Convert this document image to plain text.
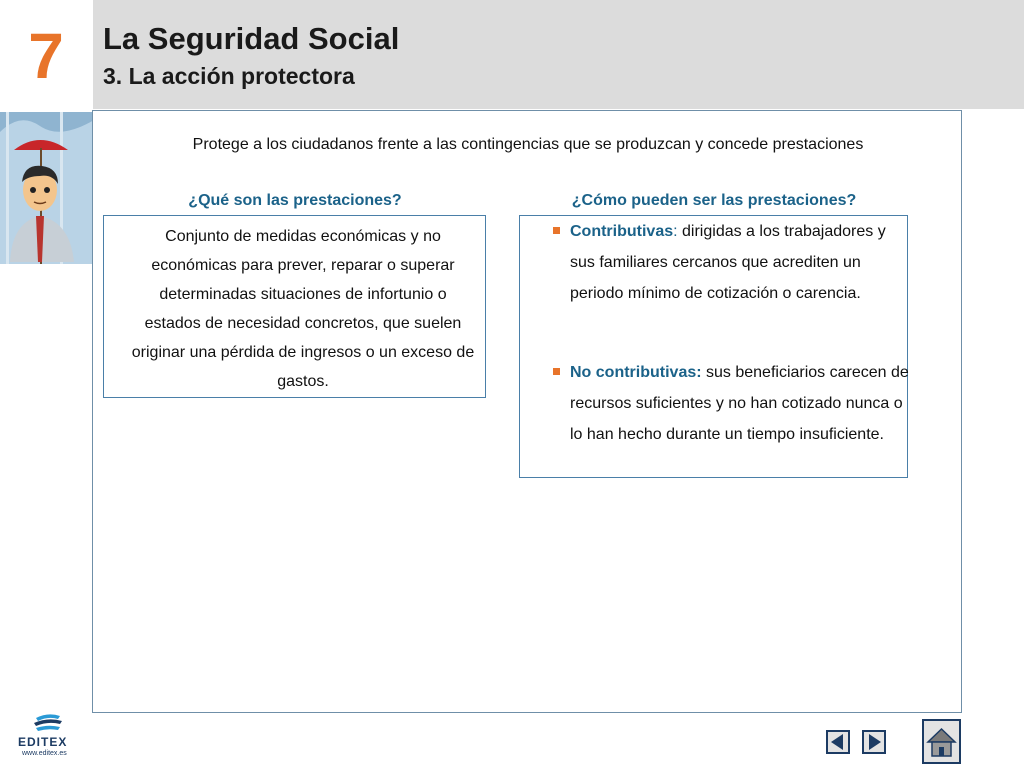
7	La Seguridad Social
3. La acción protectora
Protege a los ciudadanos frente a las contingencias que se produzcan y concede prestaciones
¿Qué son las prestaciones?	¿Cómo pueden ser las prestaciones?
Conjunto de medidas económicas y no económicas para prever, reparar o superar determinadas situaciones de infortunio o estados de necesidad concretos, que suelen originar una pérdida de ingresos o un exceso de gastos.
Contributivas: dirigidas a los trabajadores y sus familiares cercanos que acrediten un periodo mínimo de cotización o carencia.
No contributivas: sus beneficiarios carecen de recursos suficientes y no han cotizado nunca o lo han hecho durante un tiempo insuficiente.
EDITEX
www.editex.es
